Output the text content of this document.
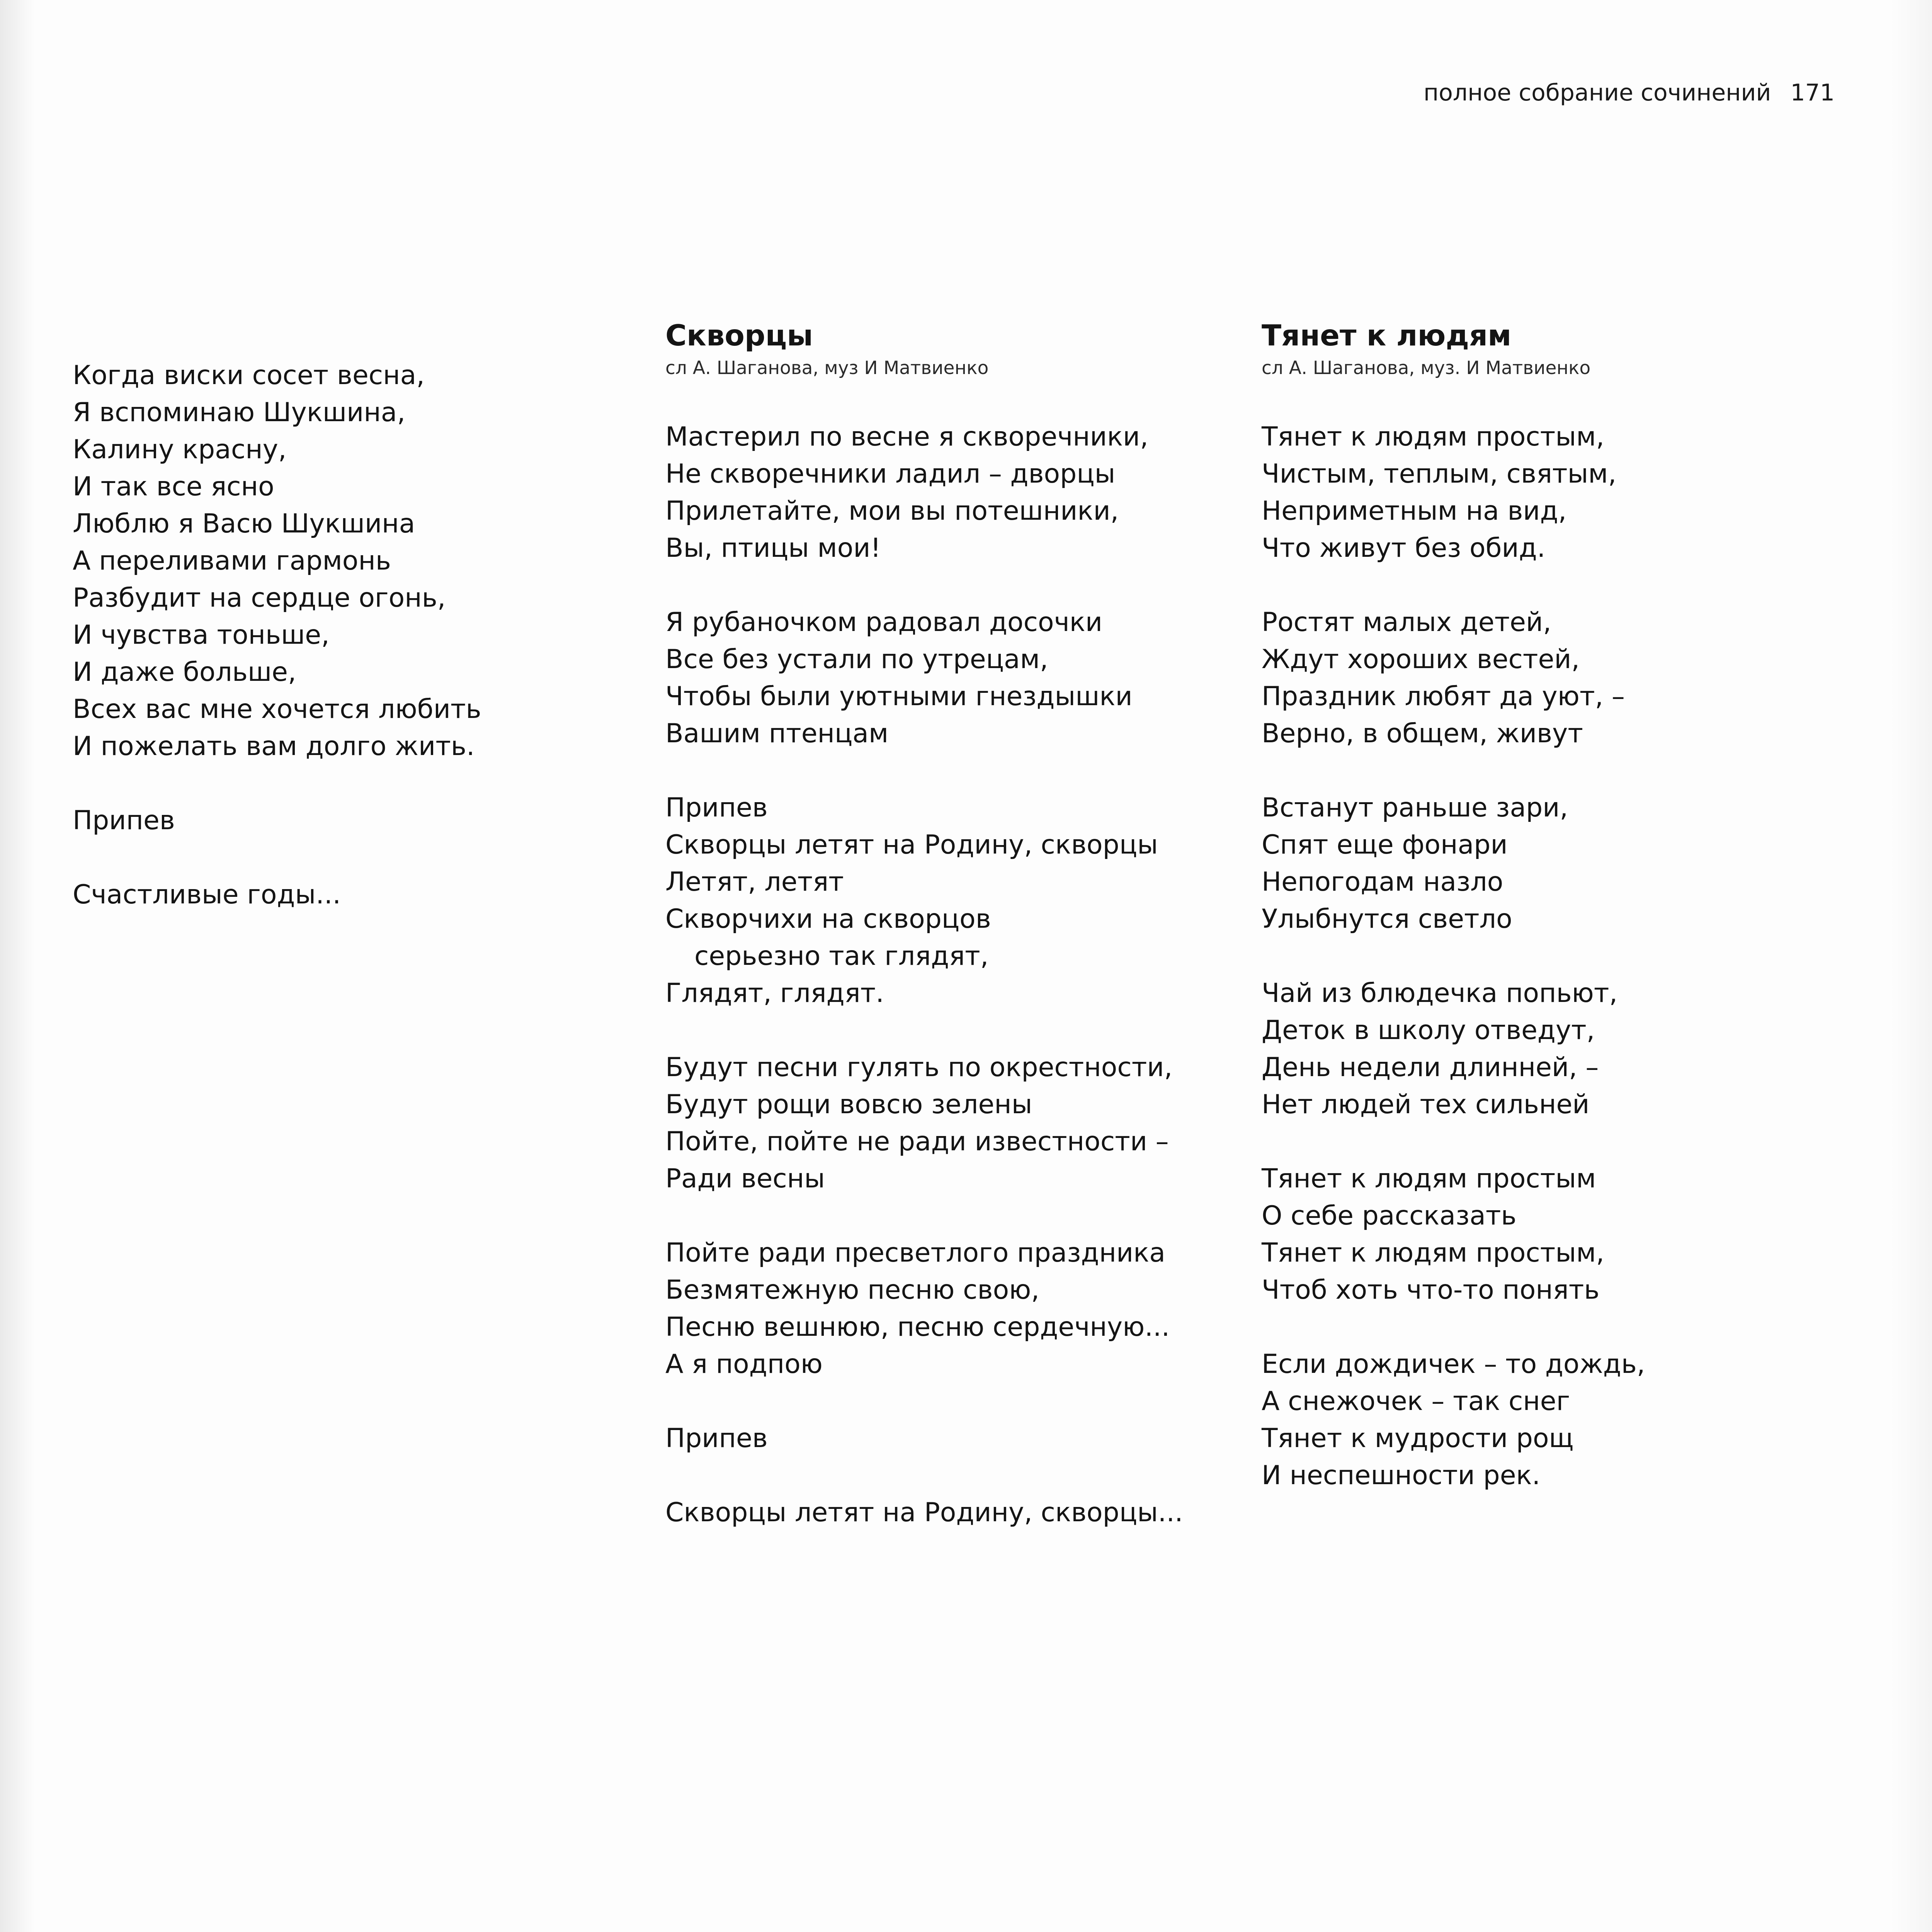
полное собрание сочинений 171
Когда виски сосет весна,
Я вспоминаю Шукшина,
Калину красну,
И так все ясно
Люблю я Васю Шукшина
А переливами гармонь
Разбудит на сердце огонь,
И чувства тоньше,
И даже больше,
Всех вас мне хочется любить
И пожелать вам долго жить.
Припев
Счастливые годы...
Скворцы
сл А. Шаганова, муз И Матвиенко
Мастерил по весне я скворечники,
Не скворечники ладил – дворцы
Прилетайте, мои вы потешники,
Вы, птицы мои!
Я рубаночком радовал досочки
Все без устали по утрецам,
Чтобы были уютными гнездышки
Вашим птенцам
Припев
Скворцы летят на Родину, скворцы
Летят, летят
Скворчихи на скворцов
серьезно так глядят,
Глядят, глядят.
Будут песни гулять по окрестности,
Будут рощи вовсю зелены
Пойте, пойте не ради известности –
Ради весны
Пойте ради пресветлого праздника
Безмятежную песню свою,
Песню вешнюю, песню сердечную...
А я подпою
Припев
Скворцы летят на Родину, скворцы...
Тянет к людям
сл А. Шаганова, муз. И Матвиенко
Тянет к людям простым,
Чистым, теплым, святым,
Неприметным на вид,
Что живут без обид.
Ростят малых детей,
Ждут хороших вестей,
Праздник любят да уют, –
Верно, в общем, живут
Встанут раньше зари,
Спят еще фонари
Непогодам назло
Улыбнутся светло
Чай из блюдечка попьют,
Деток в школу отведут,
День недели длинней, –
Нет людей тех сильней
Тянет к людям простым
О себе рассказать
Тянет к людям простым,
Чтоб хоть что-то понять
Если дождичек – то дождь,
А снежочек – так снег
Тянет к мудрости рощ
И неспешности рек.
